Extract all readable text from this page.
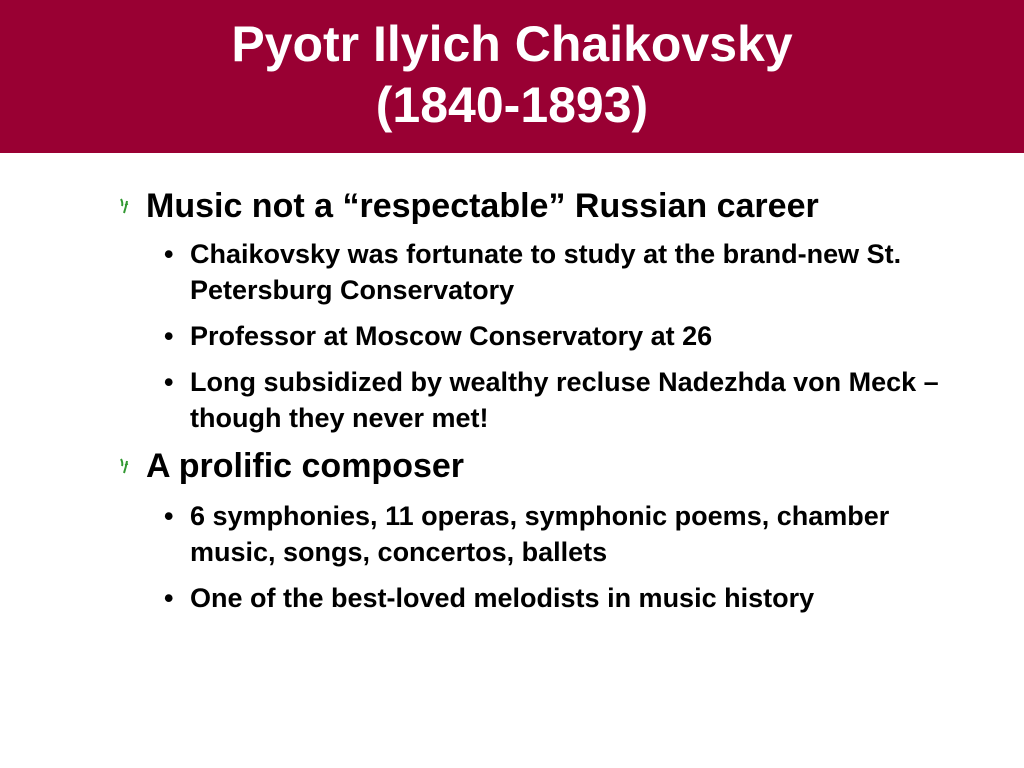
Pyotr Ilyich Chaikovsky
(1840-1893)
Music not a “respectable” Russian career
• Chaikovsky was fortunate to study at the brand-new St. Petersburg Conservatory
• Professor at Moscow Conservatory at 26
• Long subsidized by wealthy recluse Nadezhda von Meck – though they never met!
A prolific composer
• 6 symphonies, 11 operas, symphonic poems, chamber music, songs, concertos, ballets
• One of the best-loved melodists in music history
